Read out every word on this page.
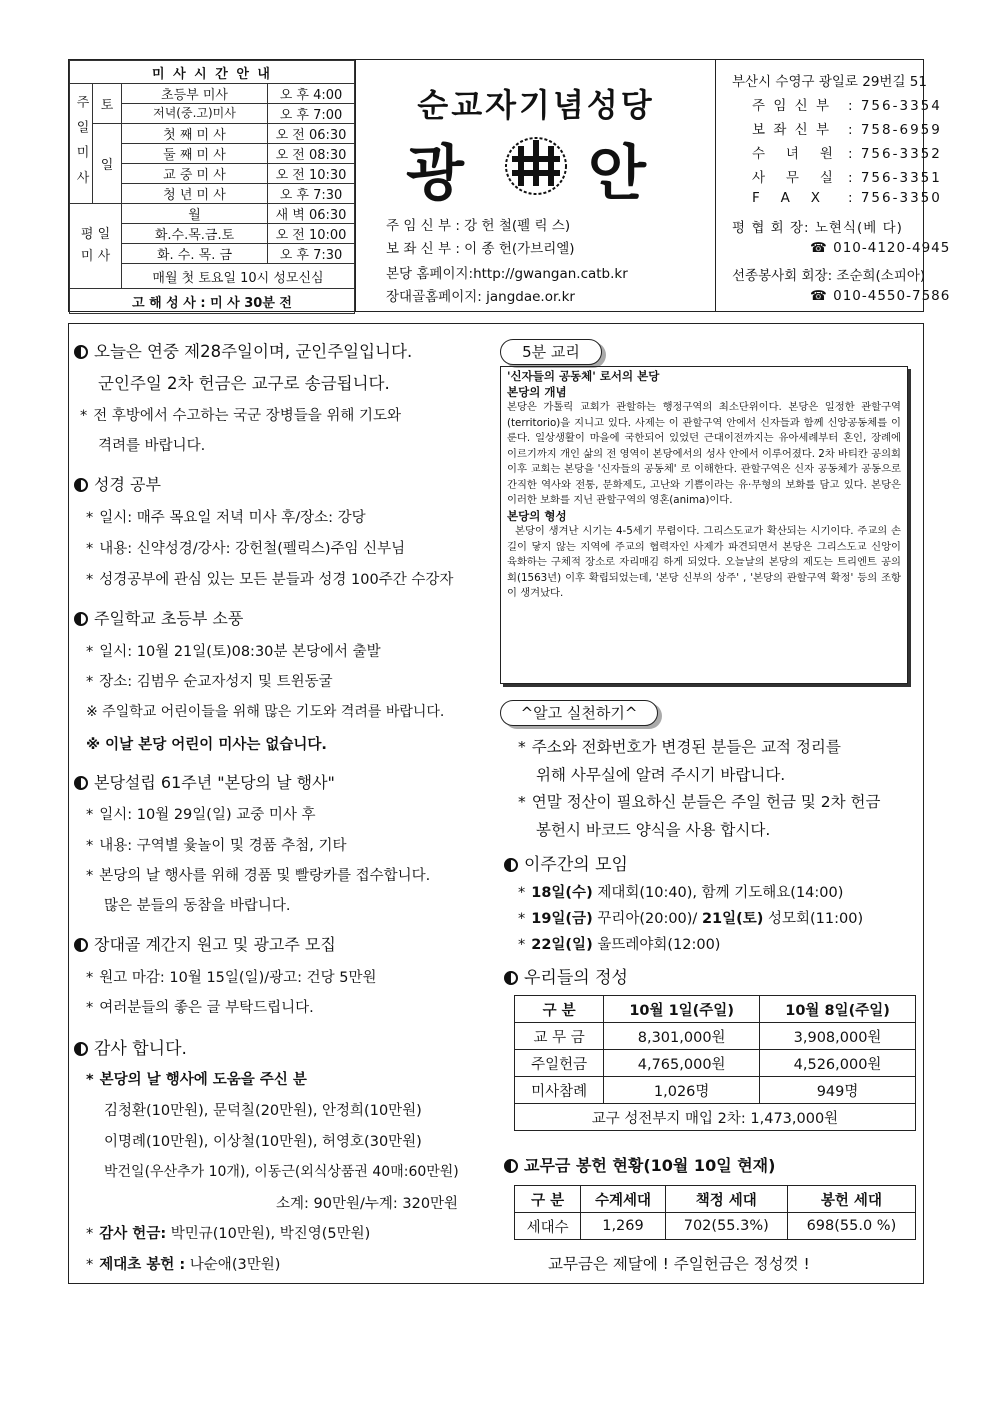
미 사 시 간 안 내		
주 일 미 사	토	초등부 미사 오 후 4:00

		저녁(중.고)미사 오 후 7:00

	일	첫 째 미 사 오 전 06:30

		둘 째 미 사 오 전 08:30

		교 중 미 사 오 전 10:30

		청 년 미 사 오 후 7:30

평 일 미 사		월 새 벽 06:30

		화.수.목.금.토 오 전 10:00

		화. 수. 목. 금 오 후 7:30

		매월 첫 토요일 10시 성모신심
고 해 성 사 : 미 사 30분 전		
순교자기념성당
광 안
주 임 신 부 : 강 헌 철(펠 릭 스)
보 좌 신 부 : 이 종 헌(가브리엘)
본당 홈페이지:http://gwangan.catb.kr
장대골홈페이지: jangdae.or.kr
부산시 수영구 광일로 29번길 51
주 임 신 부 : 756-3354
보 좌 신 부 : 758-6959
수   녀   원 : 756-3352
사   무   실 : 756-3351
F   A   X : 756-3350
평 협 회 장: 노현식(베 다)
☎ 010-4120-4945
선종봉사회 회장: 조순희(소피아)
☎ 010-4550-7586
오늘은 연중 제28주일이며, 군인주일입니다.
군인주일 2차 헌금은 교구로 송금됩니다.
* 전 후방에서 수고하는 국군 장병들을 위해 기도와
격려를 바랍니다.
성경 공부
* 일시: 매주 목요일 저녁 미사 후/장소: 강당
* 내용: 신약성경/강사: 강헌철(펠릭스)주임 신부님
* 성경공부에 관심 있는 모든 분들과 성경 100주간 수강자
주일학교 초등부 소풍
* 일시: 10월 21일(토)08:30분 본당에서 출발
* 장소: 김범우 순교자성지 및 트윈동굴
※ 주일학교 어린이들을 위해 많은 기도와 격려를 바랍니다.
※ 이날 본당 어린이 미사는 없습니다.
본당설립 61주년 "본당의 날 행사"
* 일시: 10월 29일(일) 교중 미사 후
* 내용: 구역별 윷놀이 및 경품 추첨, 기타
* 본당의 날 행사를 위해 경품 및 빨랑카를 접수합니다.
많은 분들의 동참을 바랍니다.
장대골 계간지 원고 및 광고주 모집
* 원고 마감: 10월 15일(일)/광고: 건당 5만원
* 여러분들의 좋은 글 부탁드립니다.
감사 합니다.
* 본당의 날 행사에 도움을 주신 분
김청환(10만원), 문덕칠(20만원), 안정희(10만원)
이명례(10만원), 이상철(10만원), 허영호(30만원)
박건일(우산추가 10개), 이동근(외식상품권 40매:60만원)
소계: 90만원/누계: 320만원
* 감사 헌금: 박민규(10만원), 박진영(5만원)
* 제대초 봉헌 : 나순애(3만원)
5분 교리
'신자들의 공동체' 로서의 본당
본당의 개념
본당은 가톨릭 교회가 관할하는 행정구역의 최소단위이다. 본당은 일정한 관할구역(territorio)을 지니고 있다. 사제는 이 관할구역 안에서 신자들과 함께 신앙공동체를 이룬다. 일상생활이 마을에 국한되어 있었던 근대이전까지는 유아세례부터 혼인, 장례에 이르기까지 개인 삶의 전 영역이 본당에서의 성사 안에서 이루어졌다. 2차 바티칸 공의회 이후 교회는 본당을 '신자들의 공동체' 로 이해한다. 관할구역은 신자 공동체가 공동으로 간직한 역사와 전통, 문화제도, 고난와 기쁨이라는 유·무형의 보화를 담고 있다. 본당은 이러한 보화를 지닌 관할구역의 영혼(anima)이다.
본당의 형성
본당이 생겨난 시기는 4-5세기 무렵이다. 그리스도교가 확산되는 시기이다. 주교의 손길이 닿지 않는 지역에 주교의 협력자인 사제가 파견되면서 본당은 그리스도교 신앙이 육화하는 구체적 장소로 자리매김 하게 되었다. 오늘날의 본당의 제도는 트리엔트 공의회(1563년) 이후 확립되었는데, '본당 신부의 상주' , '본당의 관할구역 확정' 등의 조항이 생겨났다.
^알고 실천하기^
* 주소와 전화번호가 변경된 분들은 교적 정리를
위해 사무실에 알려 주시기 바랍니다.
* 연말 정산이 필요하신 분들은 주일 헌금 및 2차 헌금
봉헌시 바코드 양식을 사용 합시다.
이주간의 모임
* 18일(수) 제대회(10:40), 함께 기도해요(14:00)
* 19일(금) 꾸리아(20:00)/ 21일(토) 성모회(11:00)
* 22일(일) 울뜨레야회(12:00)
우리들의 정성
구 분	10월 1일(주일)	10월 8일(주일)
교 무 금	8,301,000원	3,908,000원
주일헌금	4,765,000원	4,526,000원
미사참례	1,026명	949명
교구 성전부지 매입 2차: 1,473,000원		
교무금 봉헌 현황(10월 10일 현재)
구 분	수계세대	책정 세대	봉헌 세대
세대수	1,269	702(55.3%)	698(55.0 %)
교무금은 제달에 ! 주일헌금은 정성껏 !
